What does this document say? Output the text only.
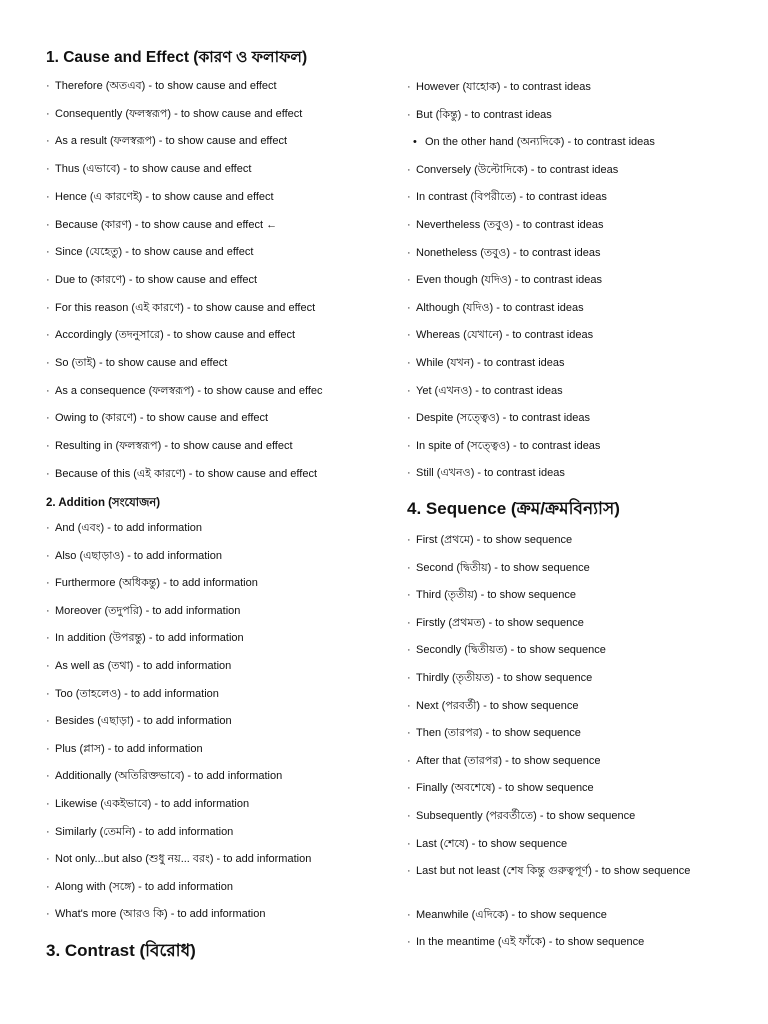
1. Cause and Effect (কারণ ও ফলাফল)
· Therefore (অতএব) - to show cause and effect
· Consequently (ফলস্বরূপ) - to show cause and effect
· As a result (ফলস্বরূপ) - to show cause and effect
· Thus (এভাবে) - to show cause and effect
· Hence (এ কারণেই) - to show cause and effect
· Because (কারণ) - to show cause and effect ←
· Since (যেহেতু) - to show cause and effect
· Due to (কারণে) - to show cause and effect
· For this reason (এই কারণে) - to show cause and effect
· Accordingly (তদনুসারে) - to show cause and effect
· So (তাই) - to show cause and effect
· As a consequence (ফলস্বরূপ) - to show cause and effec
· Owing to (কারণে) - to show cause and effect
· Resulting in (ফলস্বরূপ) - to show cause and effect
· Because of this (এই কারণে) - to show cause and effect
2. Addition (সংযোজন)
· And (এবং) - to add information
· Also (এছাড়াও) - to add information
· Furthermore (অধিকন্তু) - to add information
· Moreover (তদুপরি) - to add information
· In addition (উপরন্তু) - to add information
· As well as (তথা) - to add information
· Too (তাহলেও) - to add information
· Besides (এছাড়া) - to add information
· Plus (প্লাস) - to add information
· Additionally (অতিরিক্তভাবে) - to add information
· Likewise (একইভাবে) - to add information
· Similarly (তেমনি) - to add information
· Not only...but also (শুধু নয়... বরং) - to add information
· Along with (সঙ্গে) - to add information
· What's more (আরও কি) - to add information
3. Contrast (বিরোধ)
· However (যাহোক) - to contrast ideas
· But (কিন্তু) - to contrast ideas
• On the other hand (অন্যদিকে) - to contrast ideas
· Conversely (উল্টোদিকে) - to contrast ideas
· In contrast (বিপরীতে) - to contrast ideas
· Nevertheless (তবুও) - to contrast ideas
· Nonetheless (তবুও) - to contrast ideas
· Even though (যদিও) - to contrast ideas
· Although (যদিও) - to contrast ideas
· Whereas (যেখানে) - to contrast ideas
· While (যখন) - to contrast ideas
· Yet (এখনও) - to contrast ideas
· Despite (সত্ত্বেও) - to contrast ideas
· In spite of (সত্ত্বেও) - to contrast ideas
· Still (এখনও) - to contrast ideas
4. Sequence (ক্রম/ক্রমবিন্যাস)
· First (প্রথমে) - to show sequence
· Second (দ্বিতীয়) - to show sequence
· Third (তৃতীয়) - to show sequence
· Firstly (প্রথমত) - to show sequence
· Secondly (দ্বিতীয়ত) - to show sequence
· Thirdly (তৃতীয়ত) - to show sequence
· Next (পরবর্তী) - to show sequence
· Then (তারপর) - to show sequence
· After that (তারপর) - to show sequence
· Finally (অবশেষে) - to show sequence
· Subsequently (পরবর্তীতে) - to show sequence
· Last (শেষে) - to show sequence
· Last but not least (শেষ কিন্তু গুরুত্বপূর্ণ) - to show sequence
· Meanwhile (এদিকে) - to show sequence
· In the meantime (এই ফাঁকে) - to show sequence
